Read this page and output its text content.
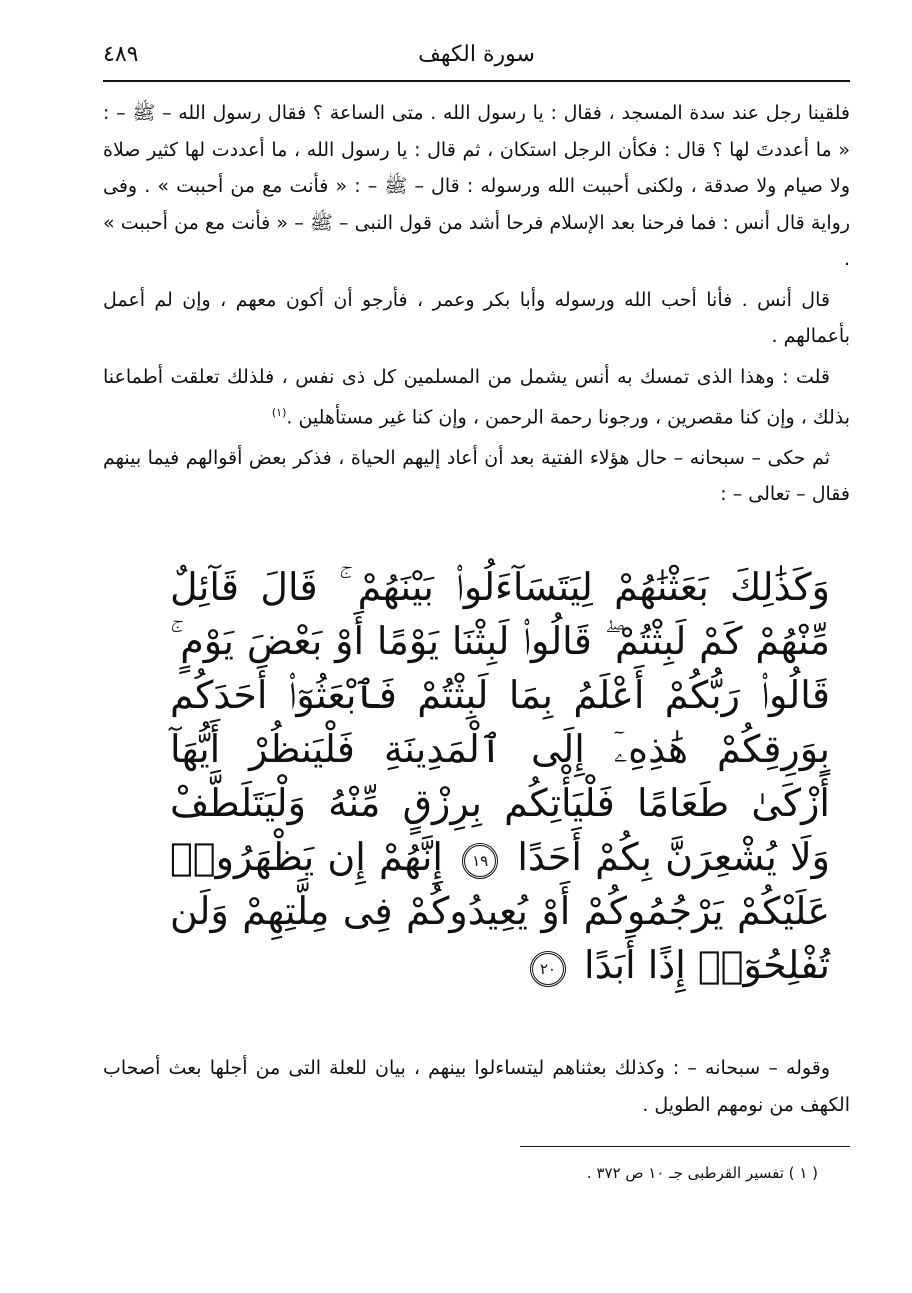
٤٨٩	سورة الكهف

فلقينا رجل عند سدة المسجد ، فقال : يا رسول الله . متى الساعة ؟ فقال رسول الله – ﷺ – : « ما أعددتَ لها ؟ قال : فكأن الرجل استكان ، ثم قال : يا رسول الله ، ما أعددت لها كثير صلاة ولا صيام ولا صدقة ، ولكنى أحببت الله ورسوله : قال – ﷺ – : « فأنت مع من أحببت » . وفى رواية قال أنس : فما فرحنا بعد الإسلام فرحا أشد من قول النبى – ﷺ – « فأنت مع من أحببت » .

قال أنس . فأنا أحب الله ورسوله وأبا بكر وعمر ، فأرجو أن أكون معهم ، وإن لم أعمل بأعمالهم .

قلت : وهذا الذى تمسك به أنس يشمل من المسلمين كل ذى نفس ، فلذلك تعلقت أطماعنا بذلك ، وإن كنا مقصرين ، ورجونا رحمة الرحمن ، وإن كنا غير مستأهلين .$^{(١)}$

ثم حكى – سبحانه – حال هؤلاء الفتية بعد أن أعاد إليهم الحياة ، فذكر بعض أقوالهم فيما بينهم فقال – تعالى – :

وَكَذَٰلِكَ بَعَثْنَٰهُمْ لِيَتَسَآءَلُوا۟ بَيْنَهُمْ ۚ قَالَ قَآئِلٌ مِّنْهُمْ كَمْ لَبِثْتُمْ ۖ قَالُوا۟ لَبِثْنَا يَوْمًا أَوْ بَعْضَ يَوْمٍ ۚ قَالُوا۟ رَبُّكُمْ أَعْلَمُ بِمَا لَبِثْتُمْ فَٱبْعَثُوٓا۟ أَحَدَكُم بِوَرِقِكُمْ هَٰذِهِۦٓ إِلَى ٱلْمَدِينَةِ فَلْيَنظُرْ أَيُّهَآ أَزْكَىٰ طَعَامًا فَلْيَأْتِكُم بِرِزْقٍ مِّنْهُ وَلْيَتَلَطَّفْ وَلَا يُشْعِرَنَّ بِكُمْ أَحَدًا ١٩ إِنَّهُمْ إِن يَظْهَرُوا۟ عَلَيْكُمْ يَرْجُمُوكُمْ أَوْ يُعِيدُوكُمْ فِى مِلَّتِهِمْ وَلَن تُفْلِحُوٓا۟ إِذًا أَبَدًا ٢٠

وقوله – سبحانه – : وكذلك بعثناهم ليتساءلوا بينهم ، بيان للعلة التى من أجلها بعث أصحاب الكهف من نومهم الطويل .

( ١ ) تفسير القرطبى جـ ١٠ ص ٣٧٢ .
